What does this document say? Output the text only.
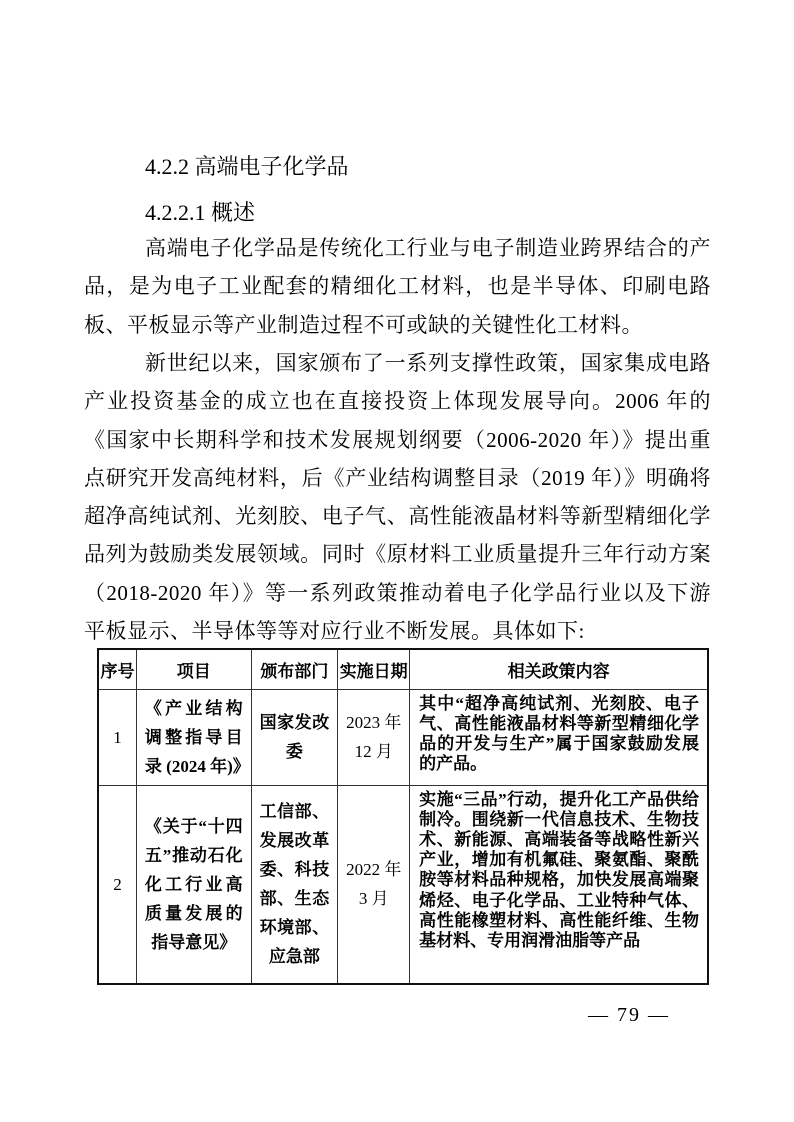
4.2.2 高端电子化学品
4.2.2.1 概述
高端电子化学品是传统化工行业与电子制造业跨界结合的产品，是为电子工业配套的精细化工材料，也是半导体、印刷电路板、平板显示等产业制造过程不可或缺的关键性化工材料。
新世纪以来，国家颁布了一系列支撑性政策，国家集成电路产业投资基金的成立也在直接投资上体现发展导向。2006 年的《国家中长期科学和技术发展规划纲要（2006-2020 年）》提出重点研究开发高纯材料，后《产业结构调整目录（2019 年）》明确将超净高纯试剂、光刻胶、电子气、高性能液晶材料等新型精细化学品列为鼓励类发展领域。同时《原材料工业质量提升三年行动方案（2018-2020 年）》等一系列政策推动着电子化学品行业以及下游平板显示、半导体等等对应行业不断发展。具体如下:
序号	项目	颁布部门	实施日期	相关政策内容
1	《产业结构调整指导目录 (2024 年)》	国家发改委	2023 年 12 月	其中“超净高纯试剂、光刻胶、电子气、高性能液晶材料等新型精细化学品的开发与生产”属于国家鼓励发展的产品。
2	《关于“十四五”推动石化化工行业高质量发展的指导意见》	工信部、发展改革委、科技部、生态环境部、应急部	2022 年 3 月	实施“三品”行动，提升化工产品供给制冷。围绕新一代信息技术、生物技术、新能源、高端装备等战略性新兴产业，增加有机氟硅、聚氨酯、聚酰胺等材料品种规格，加快发展高端聚烯烃、电子化学品、工业特种气体、高性能橡塑材料、高性能纤维、生物基材料、专用润滑油脂等产品
— 79 —
